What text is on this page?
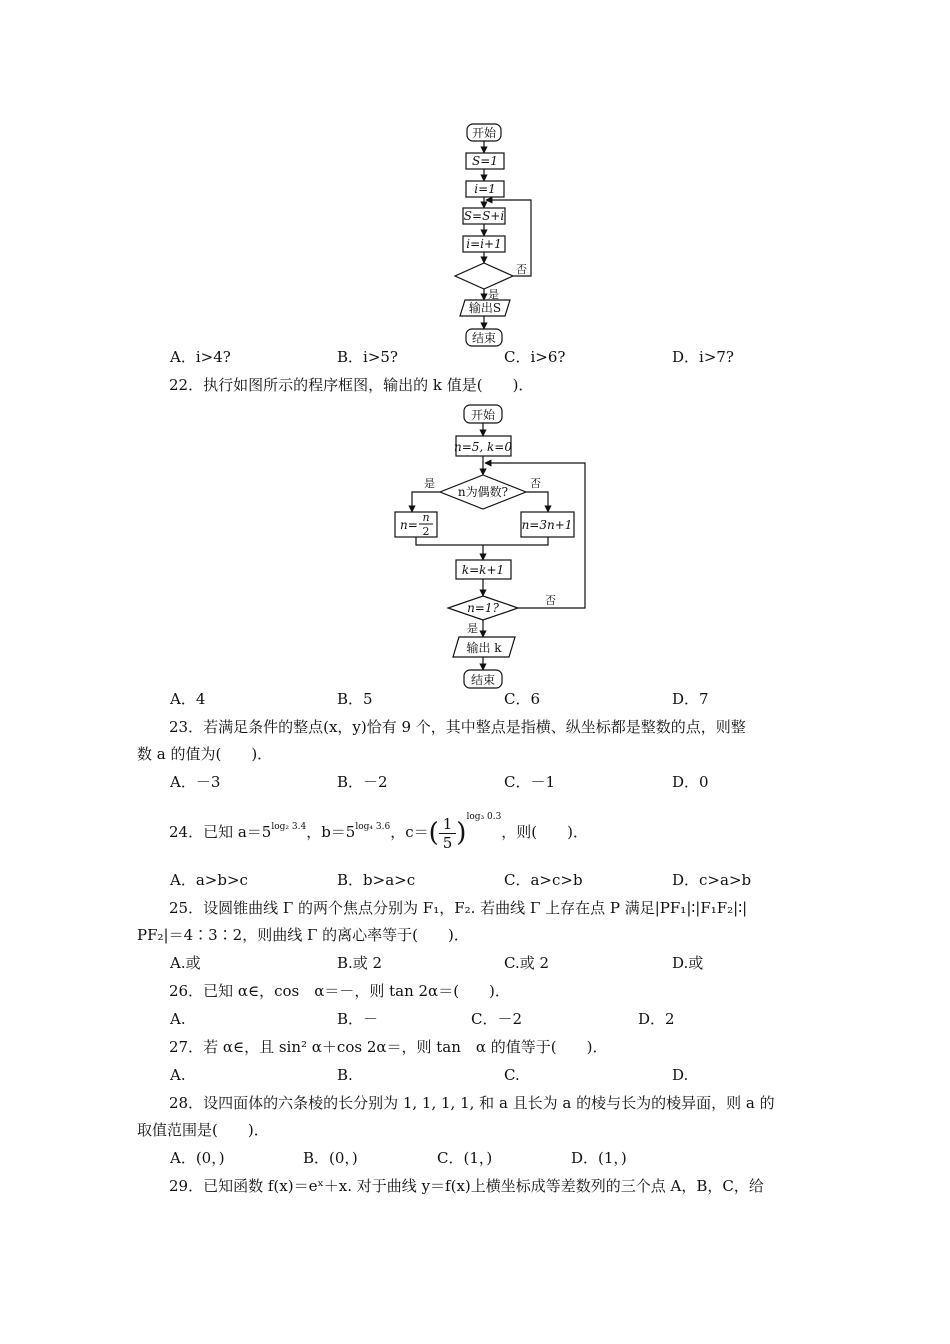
开始
S=1
i=1
S=S+i
i=i+1
否
是
输出S
结束
A．i>4?	B．i>5?	C．i>6?	D．i>7?
22．执行如图所示的程序框图，输出的 k 值是(　　)．
开始
n=5, k=0
n为偶数?
是	否
n=
n
2	n=3n+1
k=k+1
n=1?
否
是
输出 k
结束
A．4	B．5	C．6	D．7
23．若满足条件的整点(x，y)恰有 9 个，其中整点是指横、纵坐标都是整数的点，则整
数 a 的值为(　　)．
A．－3	B．－2	C．－1	D．0
24．已知 $a=5^{log_2 3.4}$，$b=5^{log_4 3.6}$，$c=( \frac{1}{5} )^{log_3 0.3}$，则(　　)．
A．a>b>c	B．b>a>c	C．a>c>b	D．c>a>b
25．设圆锥曲线 Γ 的两个焦点分别为 F₁，F₂. 若曲线 Γ 上存在点 P 满足|PF₁|∶|F₁F₂|∶|
PF₂|＝4∶3∶2，则曲线 Γ 的离心率等于(　　)．
A.或	B.或 2	C.或 2	D.或
26．已知 α∈，cos　α＝－，则 tan 2α＝(　　)．
A.	B．－	C．－2	D．2
27．若 α∈，且 sin² α＋cos 2α＝，则 tan　α 的值等于(　　)．
A.	B.	C.	D.
28．设四面体的六条棱的长分别为 1, 1, 1, 1, 和 a 且长为 a 的棱与长为的棱异面，则 a 的
取值范围是(　　)．
A．(0，)	B．(0，)	C．(1，)	D．(1，)
29．已知函数 f(x)＝eˣ＋x. 对于曲线 y＝f(x)上横坐标成等差数列的三个点 A，B，C，给
